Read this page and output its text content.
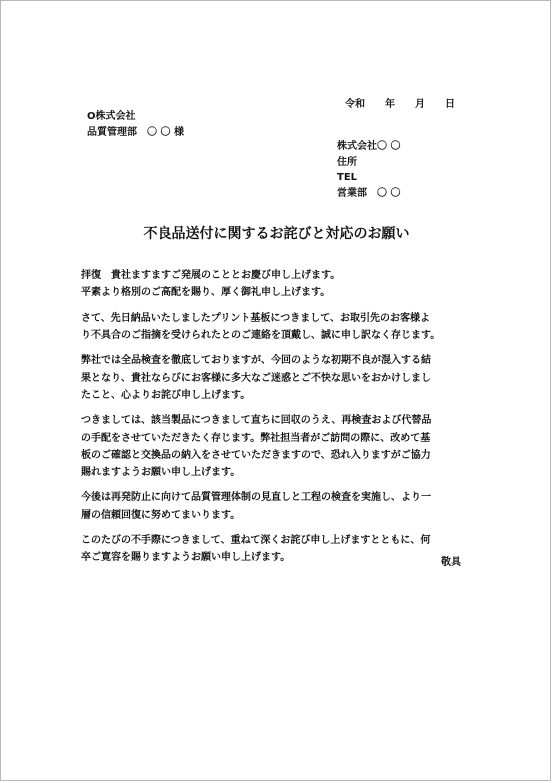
令和　　年　　月　　日
O株式会社
品質管理部　〇 〇 様
株式会社〇 〇
住所
TEL
営業部　〇 〇
不良品送付に関するお詫びと対応のお願い

拝復　貴社ますますご発展のこととお慶び申し上げます。
平素より格別のご高配を賜り、厚く御礼申し上げます。

さて、先日納品いたしましたプリント基板につきまして、お取引先のお客様よ
り不具合のご指摘を受けられたとのご連絡を頂戴し、誠に申し訳なく存じます。

弊社では全品検査を徹底しておりますが、今回のような初期不良が混入する結
果となり、貴社ならびにお客様に多大なご迷惑とご不快な思いをおかけしまし
たこと、心よりお詫び申し上げます。

つきましては、該当製品につきまして直ちに回収のうえ、再検査および代替品
の手配をさせていただきたく存じます。弊社担当者がご訪問の際に、改めて基
板のご確認と交換品の納入をさせていただきますので、恐れ入りますがご協力
賜れますようお願い申し上げます。

今後は再発防止に向けて品質管理体制の見直しと工程の検査を実施し、より一
層の信頼回復に努めてまいります。

このたびの不手際につきまして、重ねて深くお詫び申し上げますとともに、何
卒ご寛容を賜りますようお願い申し上げます。	敬具
